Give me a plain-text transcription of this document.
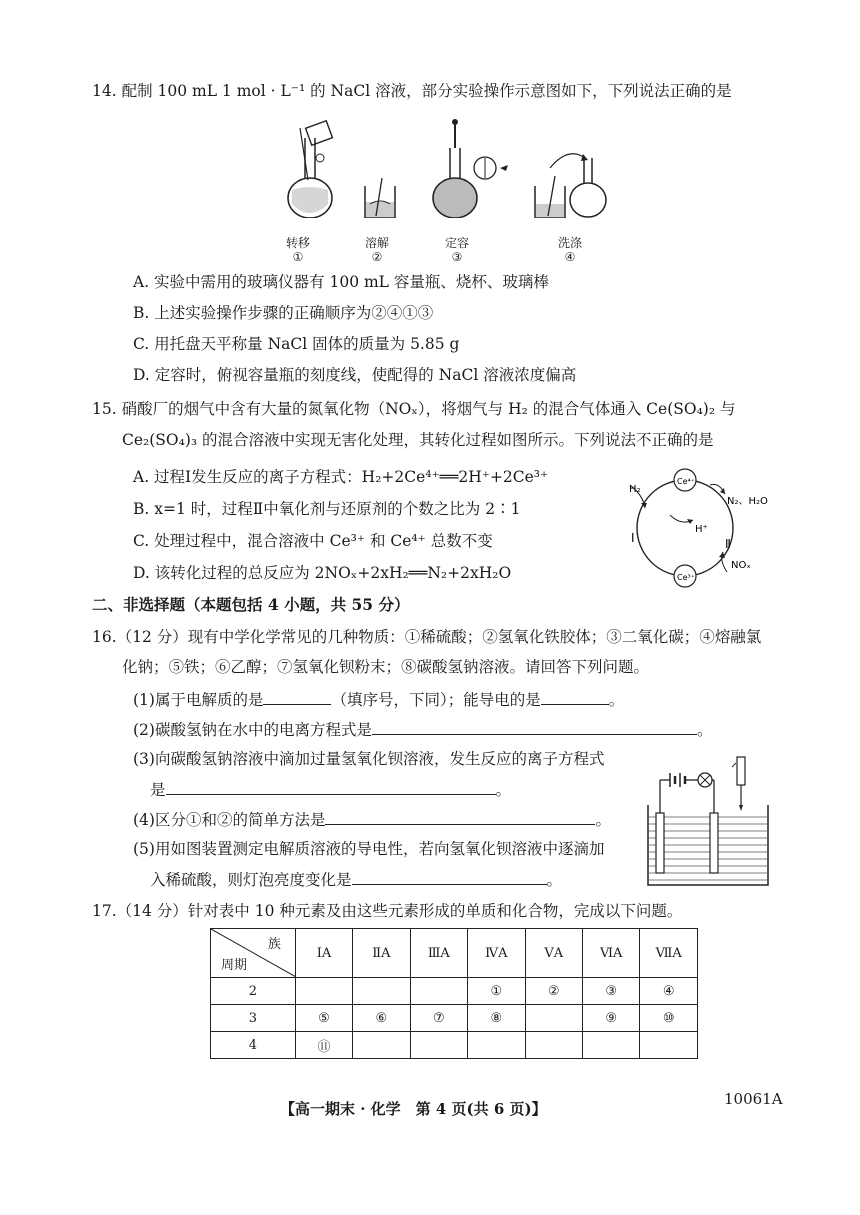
14. 配制 100 mL 1 mol · L⁻¹ 的 NaCl 溶液，部分实验操作示意图如下，下列说法正确的是
转移
①
溶解
②
定容
③
洗涤
④
A. 实验中需用的玻璃仪器有 100 mL 容量瓶、烧杯、玻璃棒
B. 上述实验操作步骤的正确顺序为②④①③
C. 用托盘天平称量 NaCl 固体的质量为 5.85 g
D. 定容时，俯视容量瓶的刻度线，使配得的 NaCl 溶液浓度偏高
15. 硝酸厂的烟气中含有大量的氮氧化物（NOₓ），将烟气与 H₂ 的混合气体通入 Ce(SO₄)₂ 与
Ce₂(SO₄)₃ 的混合溶液中实现无害化处理，其转化过程如图所示。下列说法不正确的是
A. 过程Ⅰ发生反应的离子方程式：H₂+2Ce⁴⁺══2H⁺+2Ce³⁺
B. x=1 时，过程Ⅱ中氧化剂与还原剂的个数之比为 2∶1
C. 处理过程中，混合溶液中 Ce³⁺ 和 Ce⁴⁺ 总数不变
D. 该转化过程的总反应为 2NOₓ+2xH₂══N₂+2xH₂O
H₂
Ce⁴⁺
Ce³⁺
H⁺
N₂、H₂O
NOₓ
Ⅰ	Ⅱ
二、非选择题（本题包括 4 小题，共 55 分）
16.（12 分）现有中学化学常见的几种物质：①稀硫酸；②氢氧化铁胶体；③二氧化碳；④熔融氯
化钠；⑤铁；⑥乙醇；⑦氢氧化钡粉末；⑧碳酸氢钠溶液。请回答下列问题。
(1)属于电解质的是	（填序号，下同）；能导电的是	。
(2)碳酸氢钠在水中的电离方程式是	。
(3)向碳酸氢钠溶液中滴加过量氢氧化钡溶液，发生反应的离子方程式
是	。
(4)区分①和②的简单方法是	。
(5)用如图装置测定电解质溶液的导电性，若向氢氧化钡溶液中逐滴加
入稀硫酸，则灯泡亮度变化是	。
17.（14 分）针对表中 10 种元素及由这些元素形成的单质和化合物，完成以下问题。
族
周期	ⅠA	ⅡA	ⅢA	ⅣA	ⅤA	ⅥA	ⅦA
2				①	②	③	④
3	⑤	⑥	⑦	⑧		⑨	⑩
4	⑪						
【高一期末 · 化学　第 4 页(共 6 页)】
10061A
